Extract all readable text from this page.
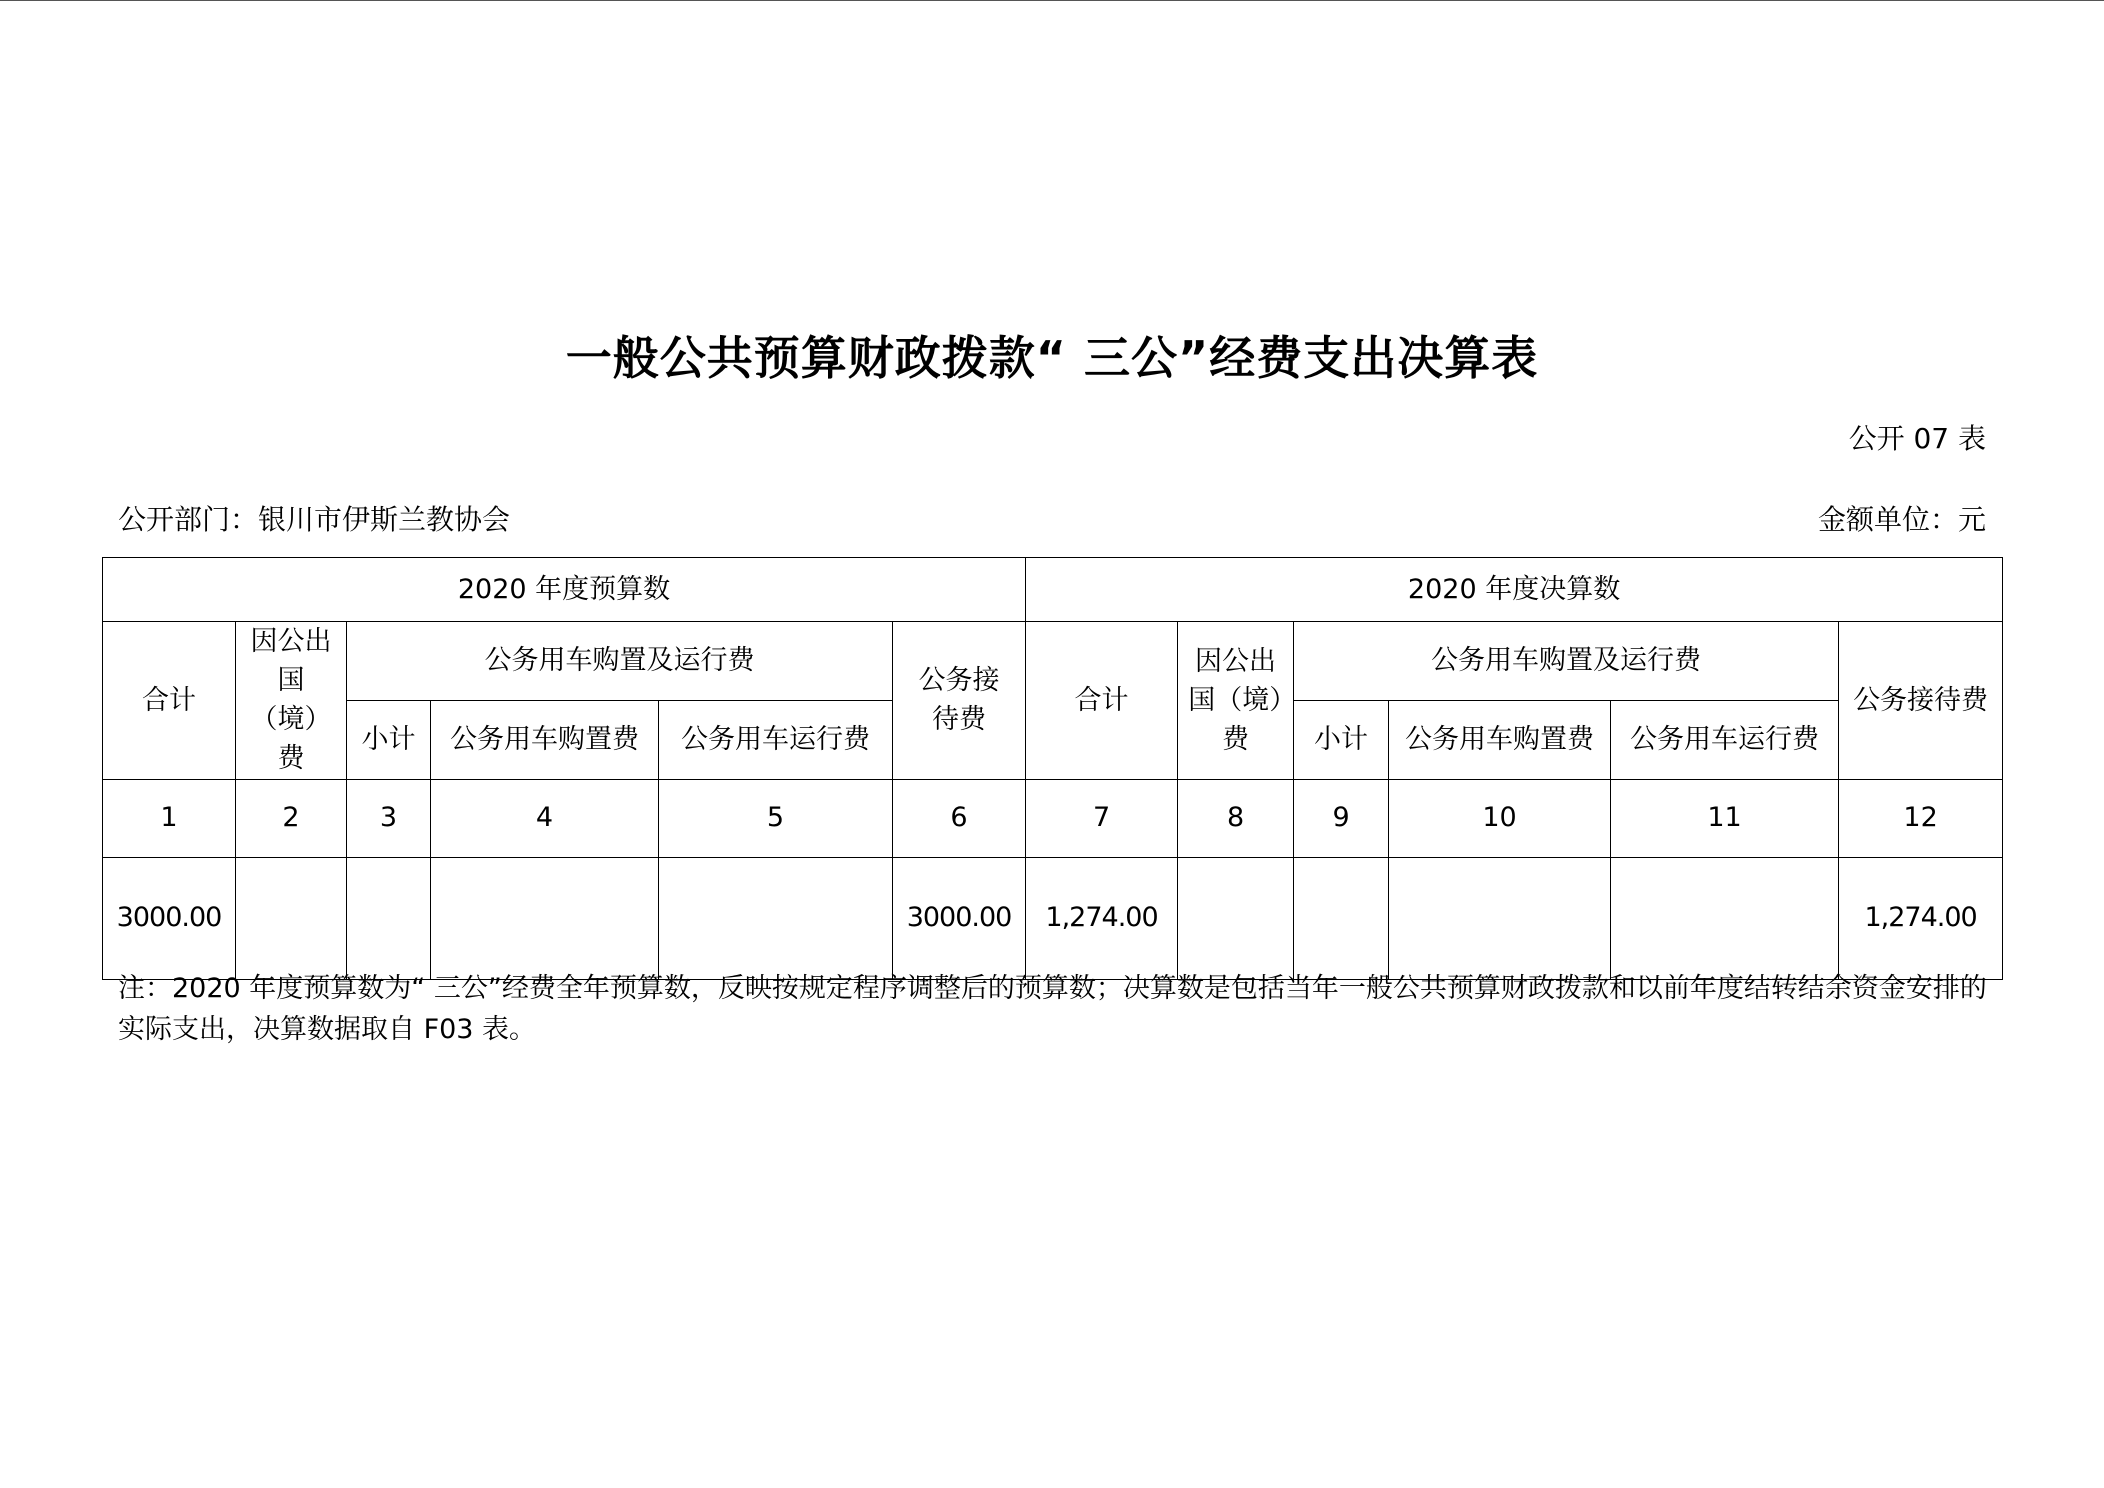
一般公共预算财政拨款“ 三公”经费支出决算表
公开 07 表
公开部门：银川市伊斯兰教协会	金额单位：元
2020 年度预算数						2020 年度决算数					
合计	因公出国（境）费	公务用车购置及运行费			公务接待费	合计	因公出国（境）费	公务用车购置及运行费			公务接待费
		小计	公务用车购置费	公务用车运行费				小计	公务用车购置费	公务用车运行费	
1	2	3	4	5	6	7	8	9	10	11	12
3000.00					3000.00	1,274.00					1,274.00
注：2020 年度预算数为“ 三公”经费全年预算数，反映按规定程序调整后的预算数；决算数是包括当年一般公共预算财政拨款和以前年度结转结余资金安排的实际支出，决算数据取自 F03 表。
